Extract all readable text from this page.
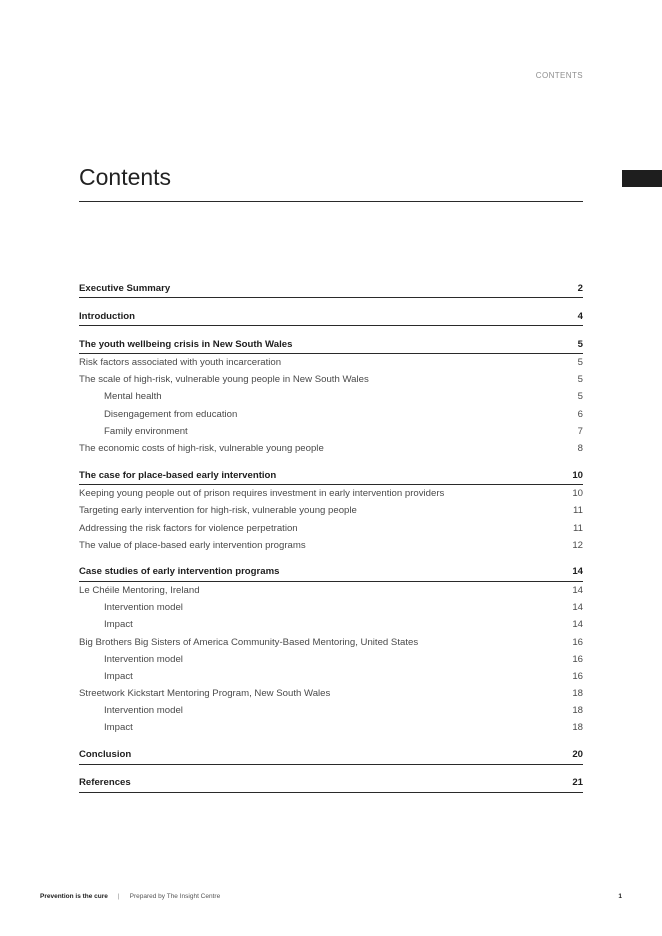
CONTENTS
Contents
Executive Summary	2
Introduction	4
The youth wellbeing crisis in New South Wales	5
Risk factors associated with youth incarceration	5
The scale of high-risk, vulnerable young people in New South Wales	5
Mental health	5
Disengagement from education	6
Family environment	7
The economic costs of high-risk, vulnerable young people	8
The case for place-based early intervention	10
Keeping young people out of prison requires investment in early intervention providers	10
Targeting early intervention for high-risk, vulnerable young people	11
Addressing the risk factors for violence perpetration	11
The value of place-based early intervention programs	12
Case studies of early intervention programs	14
Le Chéile Mentoring, Ireland	14
Intervention model	14
Impact	14
Big Brothers Big Sisters of America Community-Based Mentoring, United States	16
Intervention model	16
Impact	16
Streetwork Kickstart Mentoring Program, New South Wales	18
Intervention model	18
Impact	18
Conclusion	20
References	21
Prevention is the cure | Prepared by The Insight Centre	1
